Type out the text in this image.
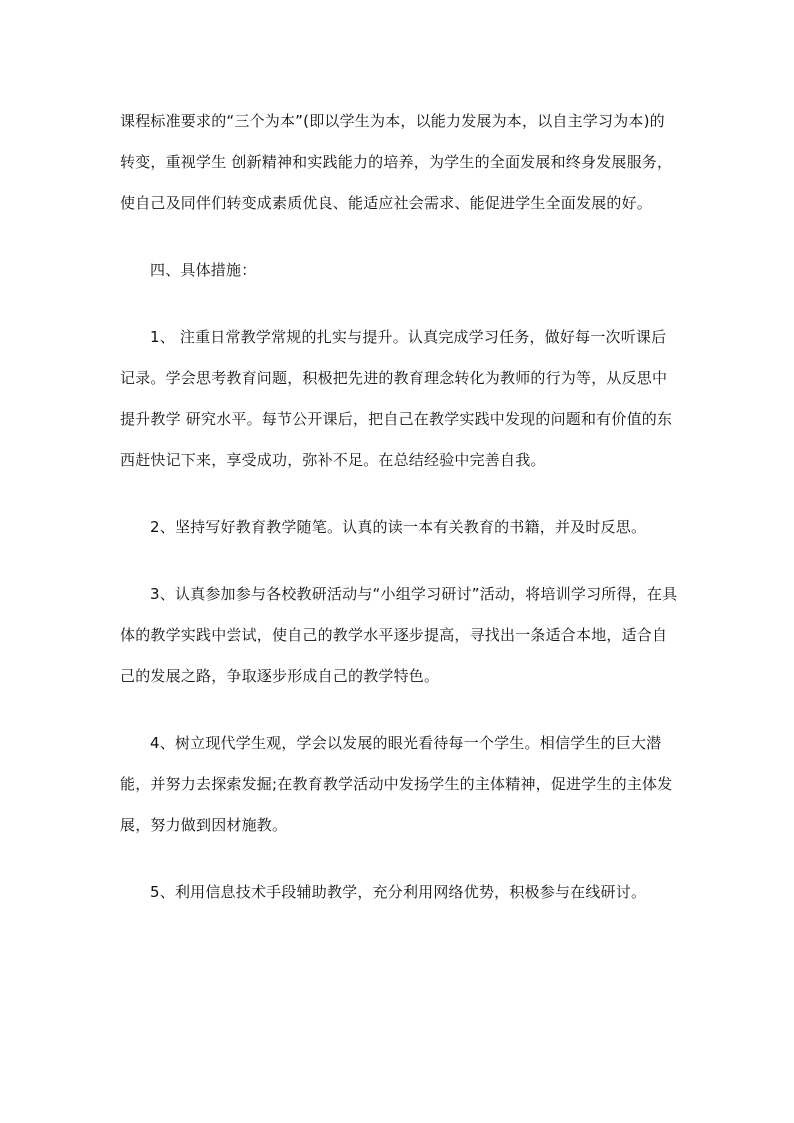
课程标准要求的“三个为本”(即以学生为本，以能力发展为本，以自主学习为本)的转变，重视学生 创新精神和实践能力的培养，为学生的全面发展和终身发展服务，使自己及同伴们转变成素质优良、能适应社会需求、能促进学生全面发展的好。

四、具体措施：

1、 注重日常教学常规的扎实与提升。认真完成学习任务，做好每一次听课后记录。学会思考教育问题，积极把先进的教育理念转化为教师的行为等，从反思中提升教学 研究水平。每节公开课后，把自己在教学实践中发现的问题和有价值的东西赶快记下来，享受成功，弥补不足。在总结经验中完善自我。

2、坚持写好教育教学随笔。认真的读一本有关教育的书籍，并及时反思。

3、认真参加参与各校教研活动与“小组学习研讨”活动，将培训学习所得，在具体的教学实践中尝试，使自己的教学水平逐步提高，寻找出一条适合本地，适合自己的发展之路，争取逐步形成自己的教学特色。

4、树立现代学生观，学会以发展的眼光看待每一个学生。相信学生的巨大潜能，并努力去探索发掘;在教育教学活动中发扬学生的主体精神，促进学生的主体发展，努力做到因材施教。

5、利用信息技术手段辅助教学，充分利用网络优势，积极参与在线研讨。
